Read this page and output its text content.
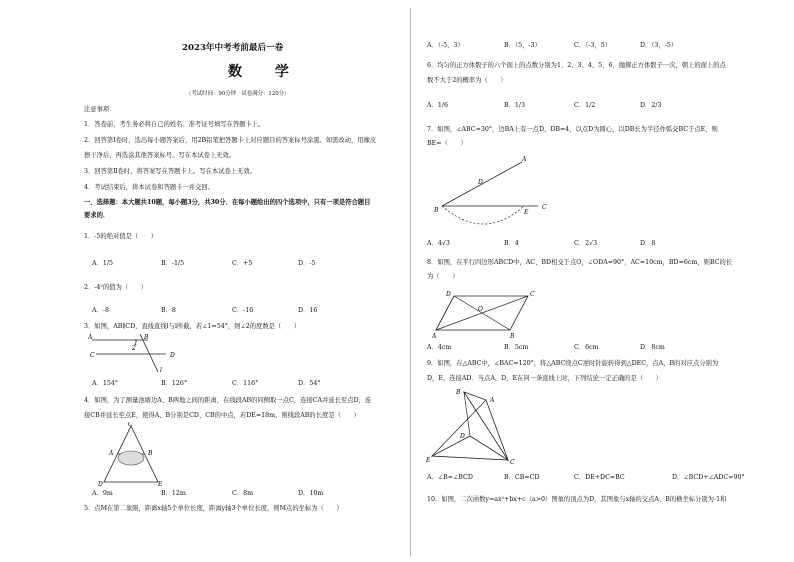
2023年中考考前最后一卷
数 学
（考试时间：90分钟　试卷满分：120分）
注意事项：
1．答卷前，考生务必将自己的姓名、准考证号填写在答题卡上。
2．回答第Ⅰ卷时，选出每小题答案后，用2B铅笔把答题卡上对应题目的答案标号涂黑。如需改动，用橡皮
擦干净后，再选涂其他答案标号。写在本试卷上无效。
3．回答第Ⅱ卷时，将答案写在答题卡上。写在本试卷上无效。
4．考试结束后，将本试卷和答题卡一并交回。
一、选择题：本大题共10题，每小题3分，共30分．在每小题给出的四个选项中，只有一项是符合题目
要求的．
1．-5的绝对值是（　　）
A．1/5	B．-1/5	C．+5	D．-5
2．-4²的值为（　　）
A．-8	B．8	C．-16	D．16
3．如图，AB∥CD，直线直线l与l所截，若∠1=54°，则∠2的度数是（　　）
A	B
C	D
1
2
l
A．154°	B．126°	C．116°	D．54°
4．如图，为了测量池塘边A、B两地之间的距离，在线段AB的同侧取一点C，连接CA并延长至点D，连
接CB并延长至点E，使得A、B分别是CD、CB的中点，若DE=18m，则线段AB的长度是（　　）
C
A	B
D	E
A．9m	B．12m	C．8m	D．10m
5．点M在第二象限，距离x轴5个单位长度，距离y轴3个单位长度，则M点的坐标为（　　）
A．（-5，3）	B．（5，-3）	C．（-3，5）	D．（3，-5）
6．均匀的正方体骰子的六个面上的点数分别为1、2、3、4、5、6，抛掷正方体骰子一次，朝上的面上的点
数不大于2的概率为（　　）
A．1/6	B．1/3	C．1/2	D．2/3
7．如图，∠ABC=30°，边BA上有一点D，DB=4，以点D为圆心，以DB长为半径作弧交BC于点E，则
BE=（　　）
A
D
B	E
C
A．4√3	B．4	C．2√3	D．8
8．如图，在平行四边形ABCD中，AC、BD相交于点O，∠ODA=90°，AC=10cm，BD=6cm，则BC的长
为（　　）
D	C
O
A	B
A．4cm	B．5cm	C．6cm	D．8cm
9．如图，在△ABC中，∠BAC=120°，将△ABC绕点C逆时针旋转得到△DEC，点A，B的对应点分别为
D，E，连接AD．当点A，D，E在同一条直线上时，下列结论一定正确的是（　　）
B
A
D
E	C
A．∠B=∠BCD	B．CB=CD	C．DE+DC=BC	D．∠BCD+∠ADC=90°
10．如图，二次函数y=ax²+bx+c（a>0）图象的顶点为D，其图象与x轴的交点A、B的横坐标分别为-1和
